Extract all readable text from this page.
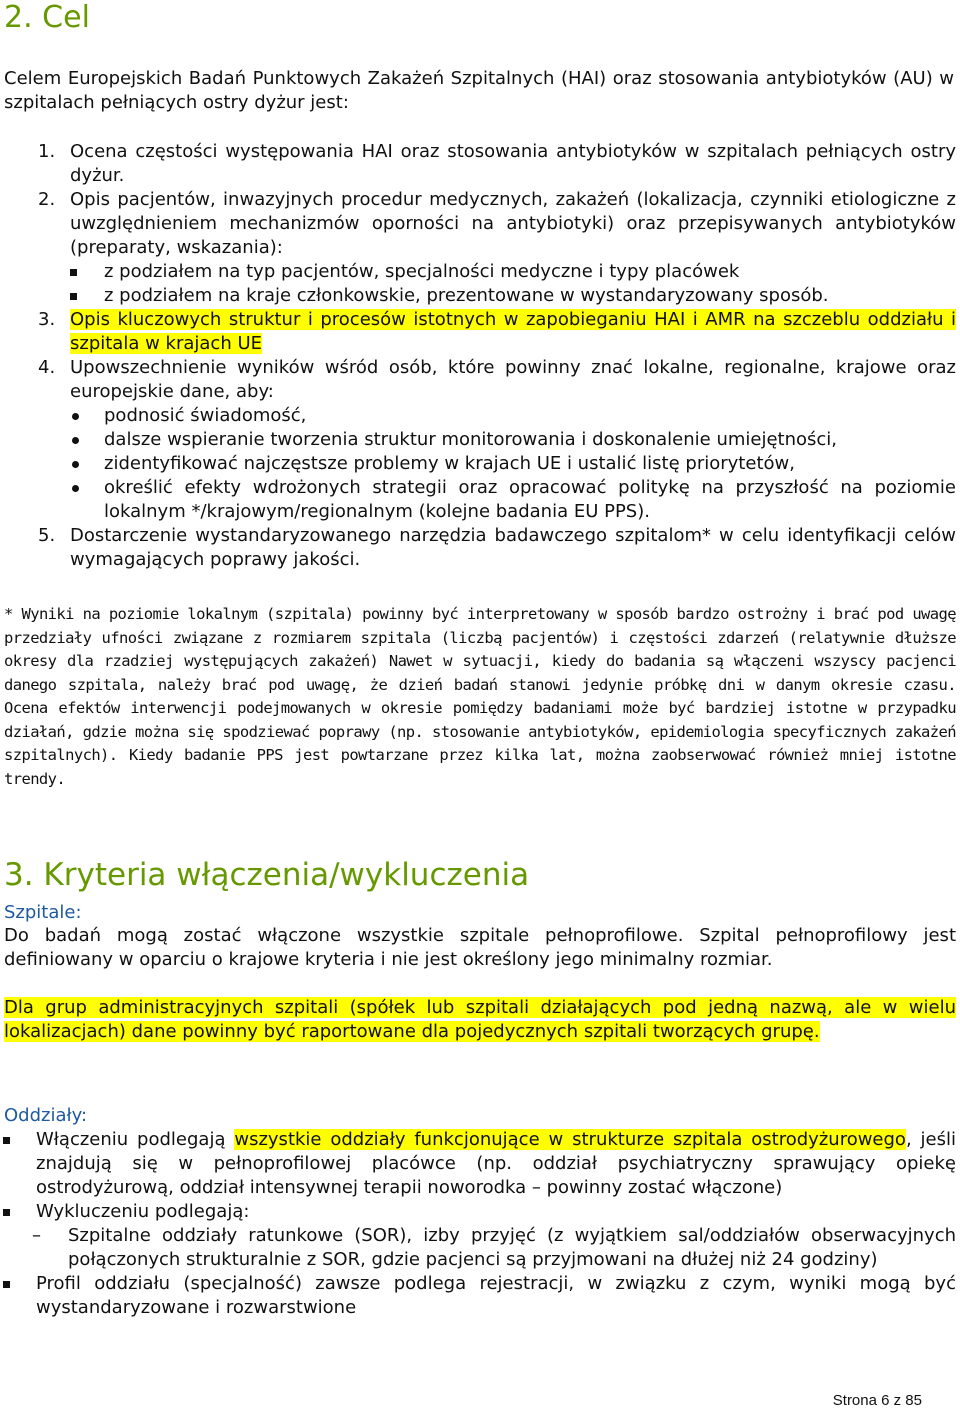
2. Cel

Celem Europejskich Badań Punktowych Zakażeń Szpitalnych (HAI) oraz stosowania antybiotyków (AU) w szpitalach pełniących ostry dyżur jest:

1. Ocena częstości występowania HAI oraz stosowania antybiotyków w szpitalach pełniących ostry dyżur.
2. Opis pacjentów, inwazyjnych procedur medycznych, zakażeń (lokalizacja, czynniki etiologiczne z uwzględnieniem mechanizmów oporności na antybiotyki) oraz przepisywanych antybiotyków (preparaty, wskazania):
z podziałem na typ pacjentów, specjalności medyczne i typy placówek
z podziałem na kraje członkowskie, prezentowane w wystandaryzowany sposób.
3. Opis kluczowych struktur i procesów istotnych w zapobieganiu HAI i AMR na szczeblu oddziału i szpitala w krajach UE
4. Upowszechnienie wyników wśród osób, które powinny znać lokalne, regionalne, krajowe oraz europejskie dane, aby:
podnosić świadomość,
dalsze wspieranie tworzenia struktur monitorowania i doskonalenie umiejętności,
zidentyfikować najczęstsze problemy w krajach UE i ustalić listę priorytetów,
określić efekty wdrożonych strategii oraz opracować politykę na przyszłość na poziomie lokalnym */krajowym/regionalnym (kolejne badania EU PPS).
5. Dostarczenie wystandaryzowanego narzędzia badawczego szpitalom* w celu identyfikacji celów wymagających poprawy jakości.

* Wyniki na poziomie lokalnym (szpitala) powinny być interpretowany w sposób bardzo ostrożny i brać pod uwagę przedziały ufności związane z rozmiarem szpitala (liczbą pacjentów) i częstości zdarzeń (relatywnie dłuższe okresy dla rzadziej występujących zakażeń) Nawet w sytuacji, kiedy do badania są włączeni wszyscy pacjenci danego szpitala, należy brać pod uwagę, że dzień badań stanowi jedynie próbkę dni w danym okresie czasu. Ocena efektów interwencji podejmowanych w okresie pomiędzy badaniami może być bardziej istotne w przypadku działań, gdzie można się spodziewać poprawy (np. stosowanie antybiotyków, epidemiologia specyficznych zakażeń szpitalnych). Kiedy badanie PPS jest powtarzane przez kilka lat, można zaobserwować również mniej istotne trendy.

3. Kryteria włączenia/wykluczenia

Szpitale:

Do badań mogą zostać włączone wszystkie szpitale pełnoprofilowe. Szpital pełnoprofilowy jest definiowany w oparciu o krajowe kryteria i nie jest określony jego minimalny rozmiar.

Dla grup administracyjnych szpitali (spółek lub szpitali działających pod jedną nazwą, ale w wielu lokalizacjach) dane powinny być raportowane dla pojedycznych szpitali tworzących grupę.

Oddziały:

Włączeniu podlegają wszystkie oddziały funkcjonujące w strukturze szpitala ostrodyżurowego, jeśli znajdują się w pełnoprofilowej placówce (np. oddział psychiatryczny sprawujący opiekę ostrodyżurową, oddział intensywnej terapii noworodka – powinny zostać włączone)
Wykluczeniu podlegają:
– Szpitalne oddziały ratunkowe (SOR), izby przyjęć (z wyjątkiem sal/oddziałów obserwacyjnych połączonych strukturalnie z SOR, gdzie pacjenci są przyjmowani na dłużej niż 24 godziny)
Profil oddziału (specjalność) zawsze podlega rejestracji, w związku z czym, wyniki mogą być wystandaryzowane i rozwarstwione
Strona 6 z 85
